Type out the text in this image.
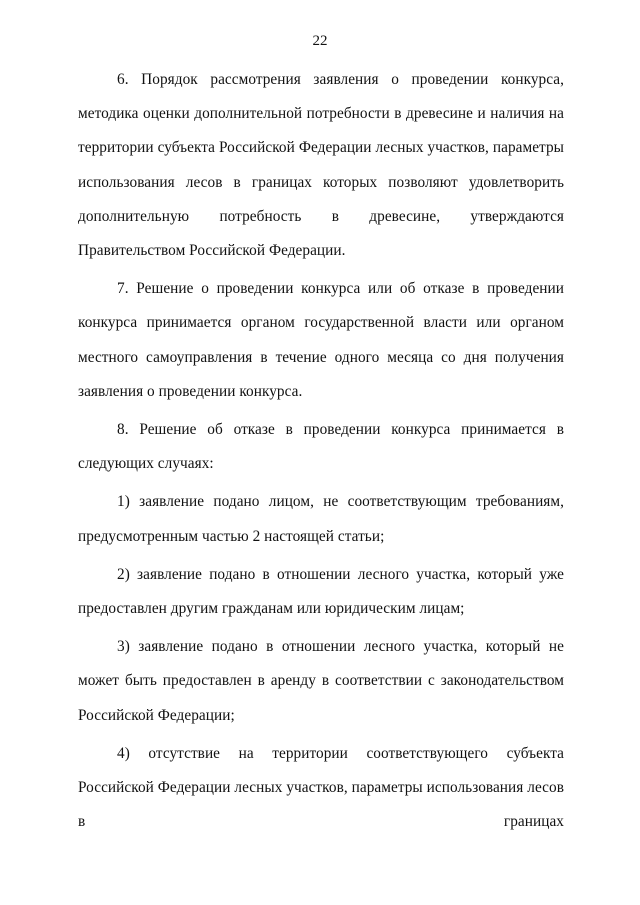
22

6. Порядок рассмотрения заявления о проведении конкурса, методика оценки дополнительной потребности в древесине и наличия на территории субъекта Российской Федерации лесных участков, параметры использования лесов в границах которых позволяют удовлетворить дополнительную потребность в древесине, утверждаются Правительством Российской Федерации.

7. Решение о проведении конкурса или об отказе в проведении конкурса принимается органом государственной власти или органом местного самоуправления в течение одного месяца со дня получения заявления о проведении конкурса.

8. Решение об отказе в проведении конкурса принимается в следующих случаях:

1) заявление подано лицом, не соответствующим требованиям, предусмотренным частью 2 настоящей статьи;

2) заявление подано в отношении лесного участка, который уже предоставлен другим гражданам или юридическим лицам;

3) заявление подано в отношении лесного участка, который не может быть предоставлен в аренду в соответствии с законодательством Российской Федерации;

4) отсутствие на территории соответствующего субъекта Российской Федерации лесных участков, параметры использования лесов в границах
